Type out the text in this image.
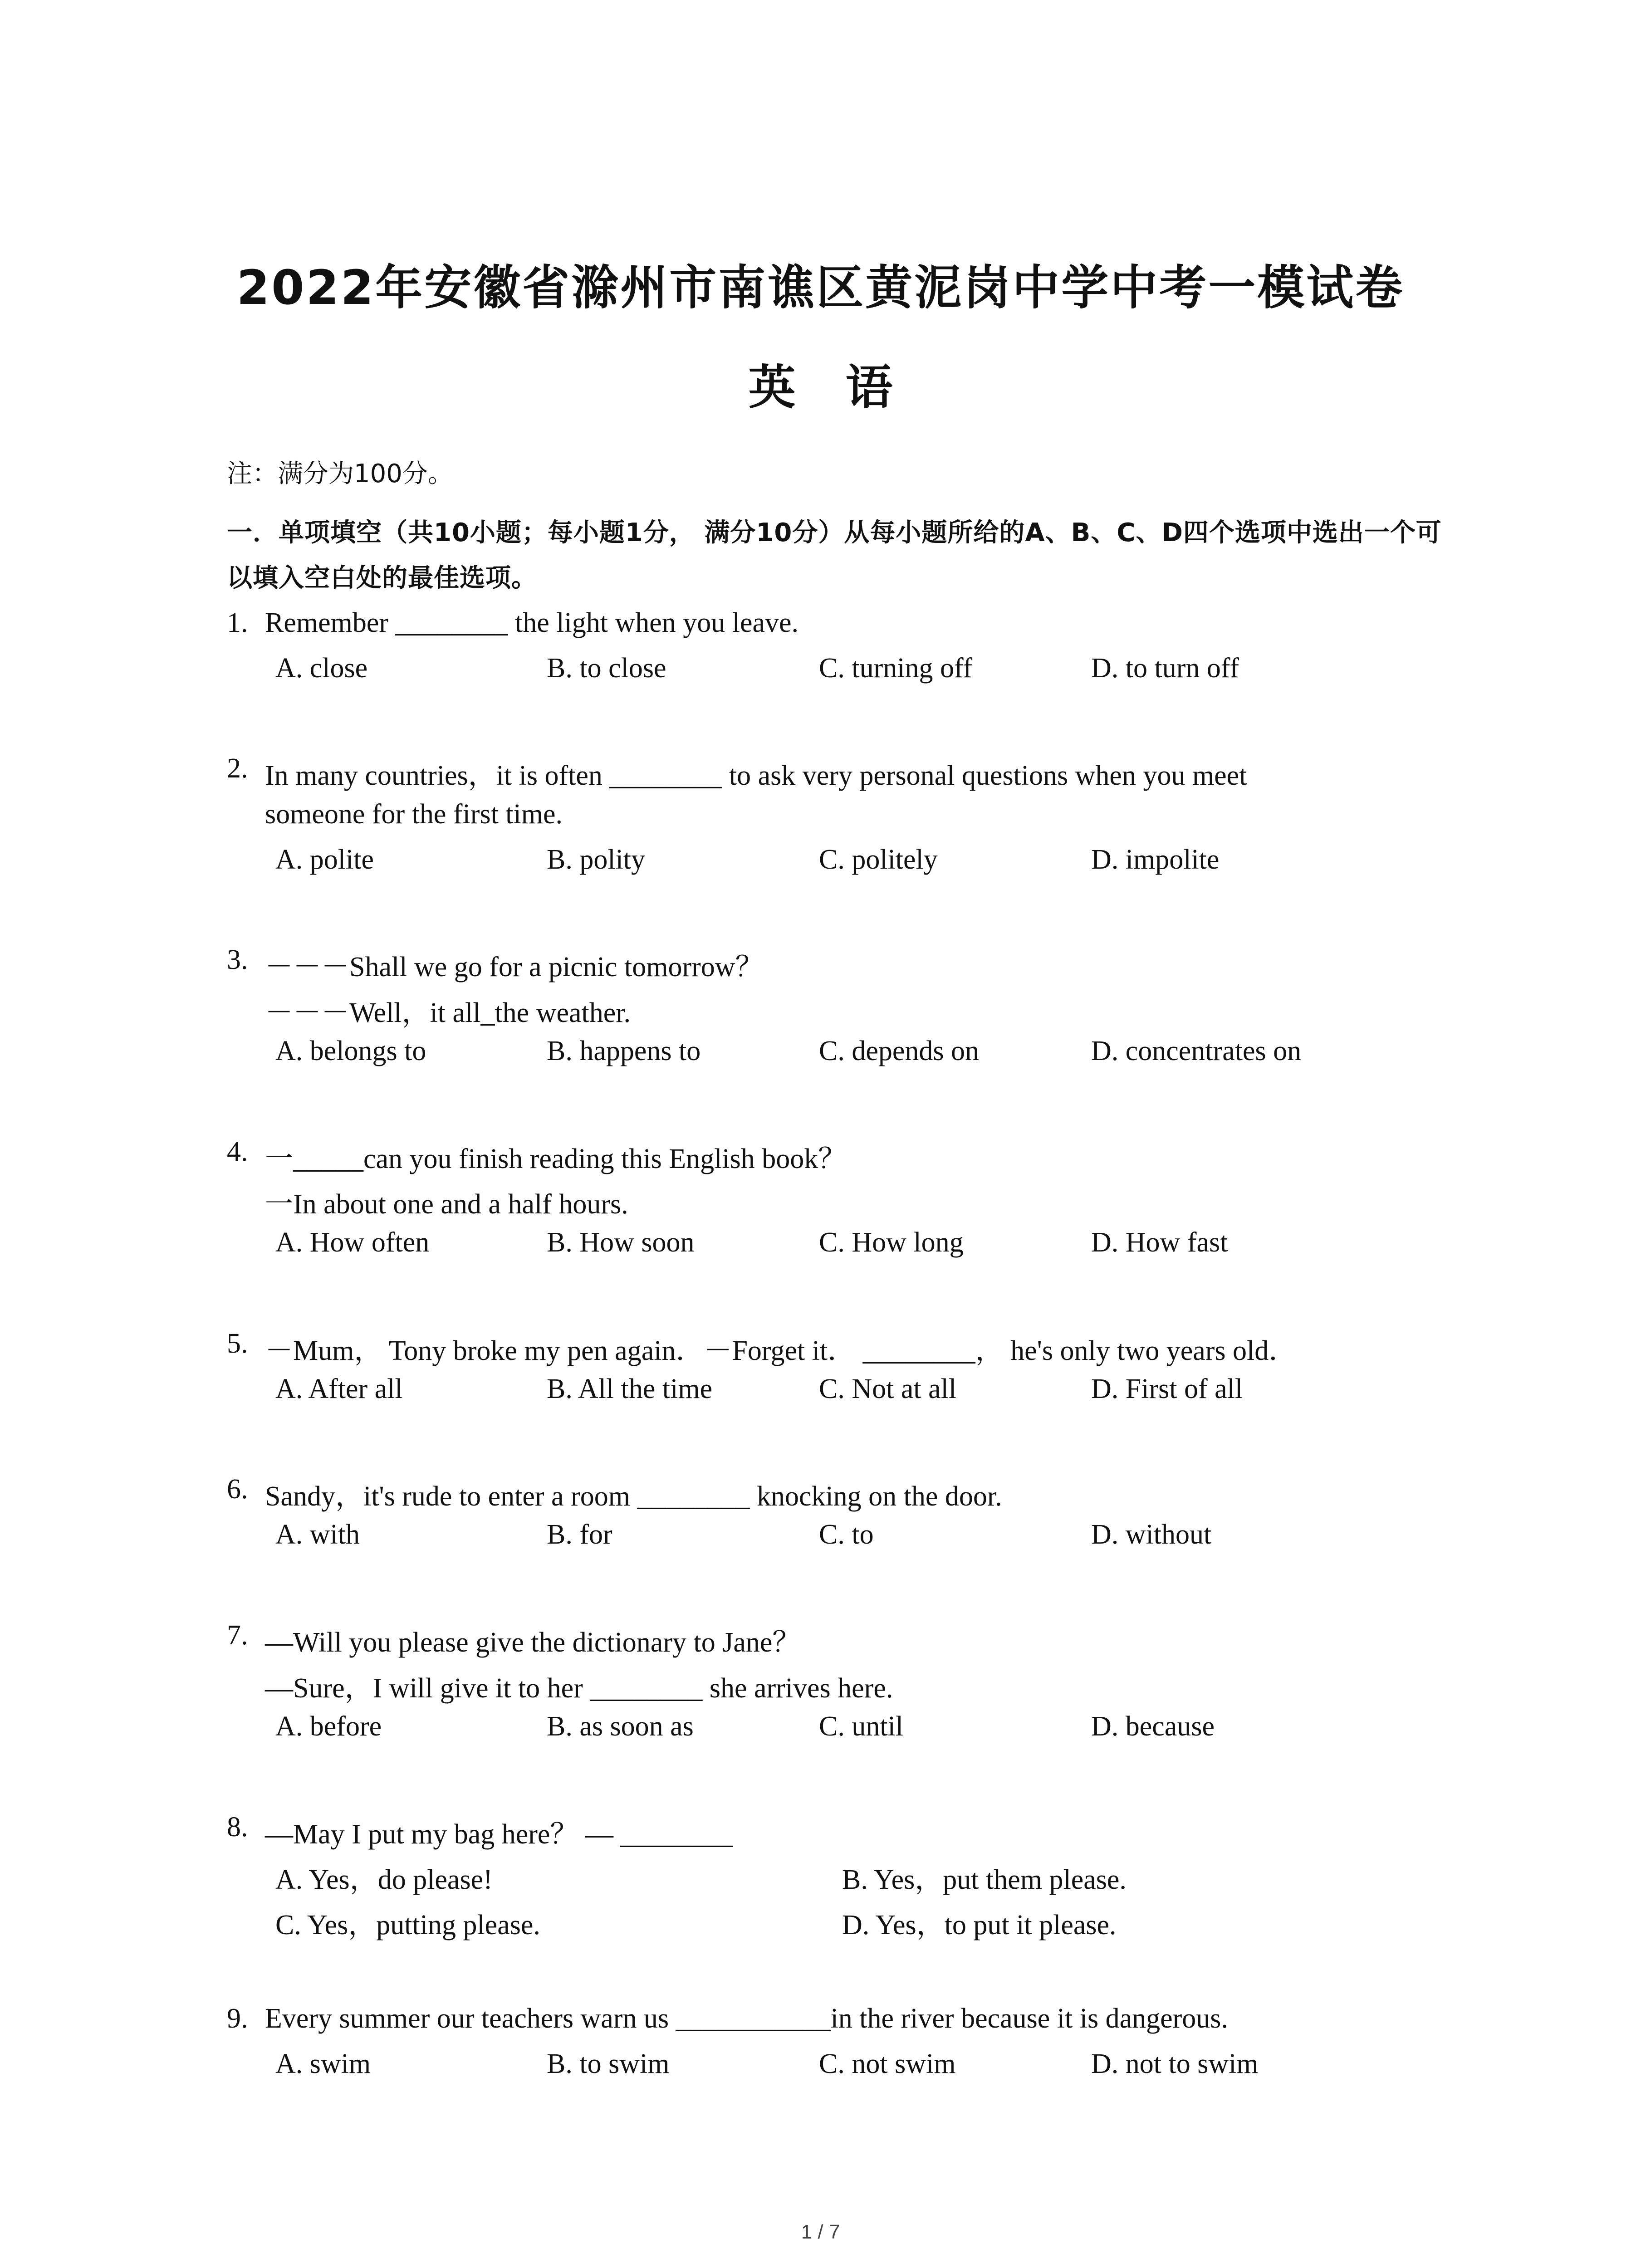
2022年安徽省滁州市南谯区黄泥岗中学中考一模试卷
英语
注：满分为100分。
一．单项填空（共10小题；每小题1分， 满分10分）从每小题所给的A、B、C、D四个选项中选出一个可以填入空白处的最佳选项。
1. Remember ________ the light when you leave.
A. close	B. to close	C. turning off	D. to turn off
2. In many countries，it is often ________ to ask very personal questions when you meet
someone for the first time.
A. polite	B. polity	C. politely	D. impolite
3. －－－Shall we go for a picnic tomorrow？
－－－Well，it all_the weather.
A. belongs to	B. happens to	C. depends on	D. concentrates on
4. 一_____can you finish reading this English book？
一In about one and a half hours.
A. How often	B. How soon	C. How long	D. How fast
5. －Mum， Tony broke my pen again．－Forget it． ________， he's only two years old．
A. After all	B. All the time	C. Not at all	D. First of all
6. Sandy，it's rude to enter a room ________ knocking on the door.
A. with	B. for	C. to	D. without
7. —Will you please give the dictionary to Jane？
—Sure，I will give it to her ________ she arrives here.
A. before	B. as soon as	C. until	D. because
8. —May I put my bag here？ — ________
A. Yes，do please!	B. Yes，put them please.
C. Yes，putting please.	D. Yes，to put it please.
9. Every summer our teachers warn us ___________in the river because it is dangerous.
A. swim	B. to swim	C. not swim	D. not to swim
1 / 7
